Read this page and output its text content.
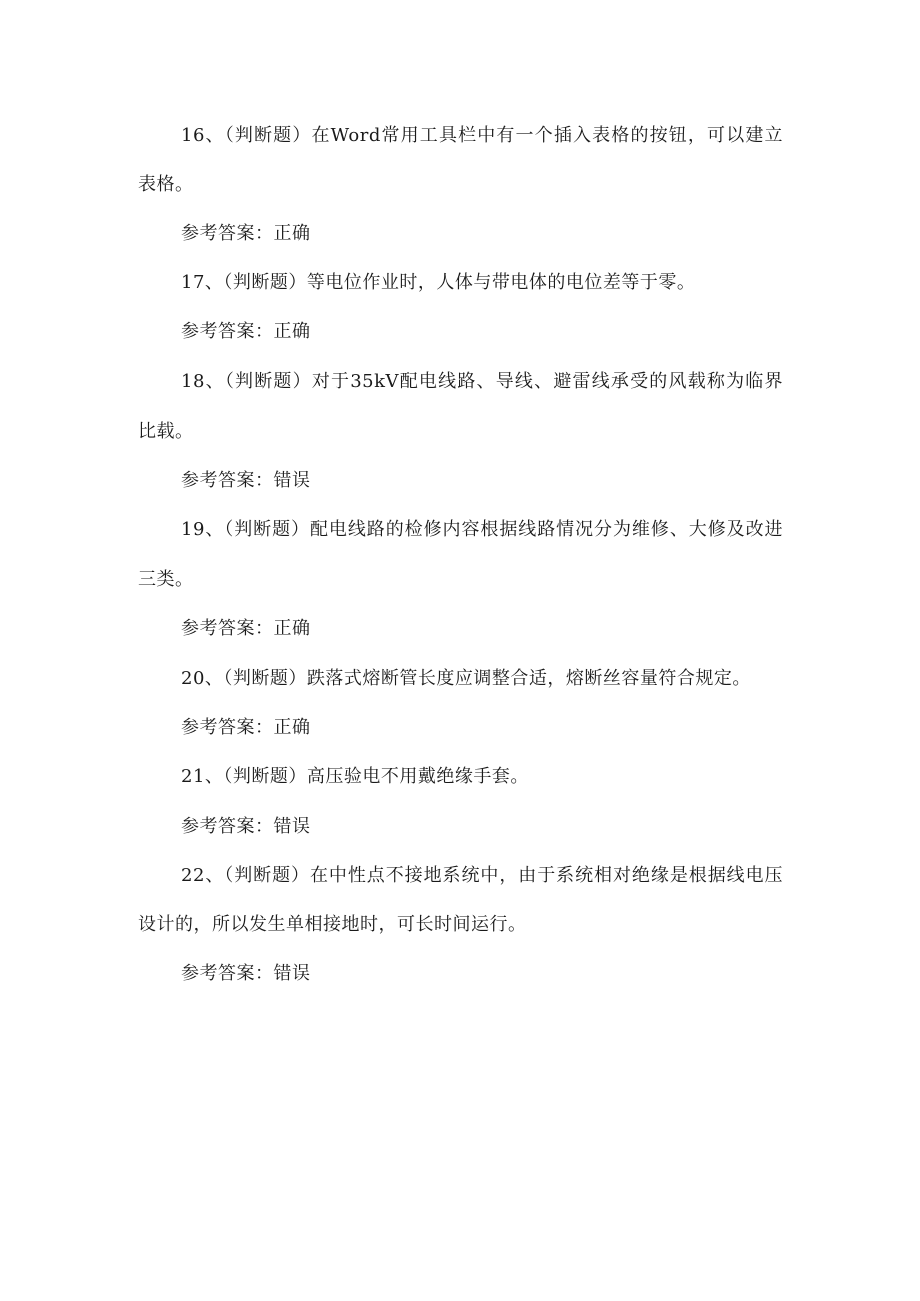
16、（判断题）在Word常用工具栏中有一个插入表格的按钮，可以建立
表格。
参考答案：正确
17、（判断题）等电位作业时，人体与带电体的电位差等于零。
参考答案：正确
18、（判断题）对于35kV配电线路、导线、避雷线承受的风载称为临界
比载。
参考答案：错误
19、（判断题）配电线路的检修内容根据线路情况分为维修、大修及改进
三类。
参考答案：正确
20、（判断题）跌落式熔断管长度应调整合适，熔断丝容量符合规定。
参考答案：正确
21、（判断题）高压验电不用戴绝缘手套。
参考答案：错误
22、（判断题）在中性点不接地系统中，由于系统相对绝缘是根据线电压
设计的，所以发生单相接地时，可长时间运行。
参考答案：错误
